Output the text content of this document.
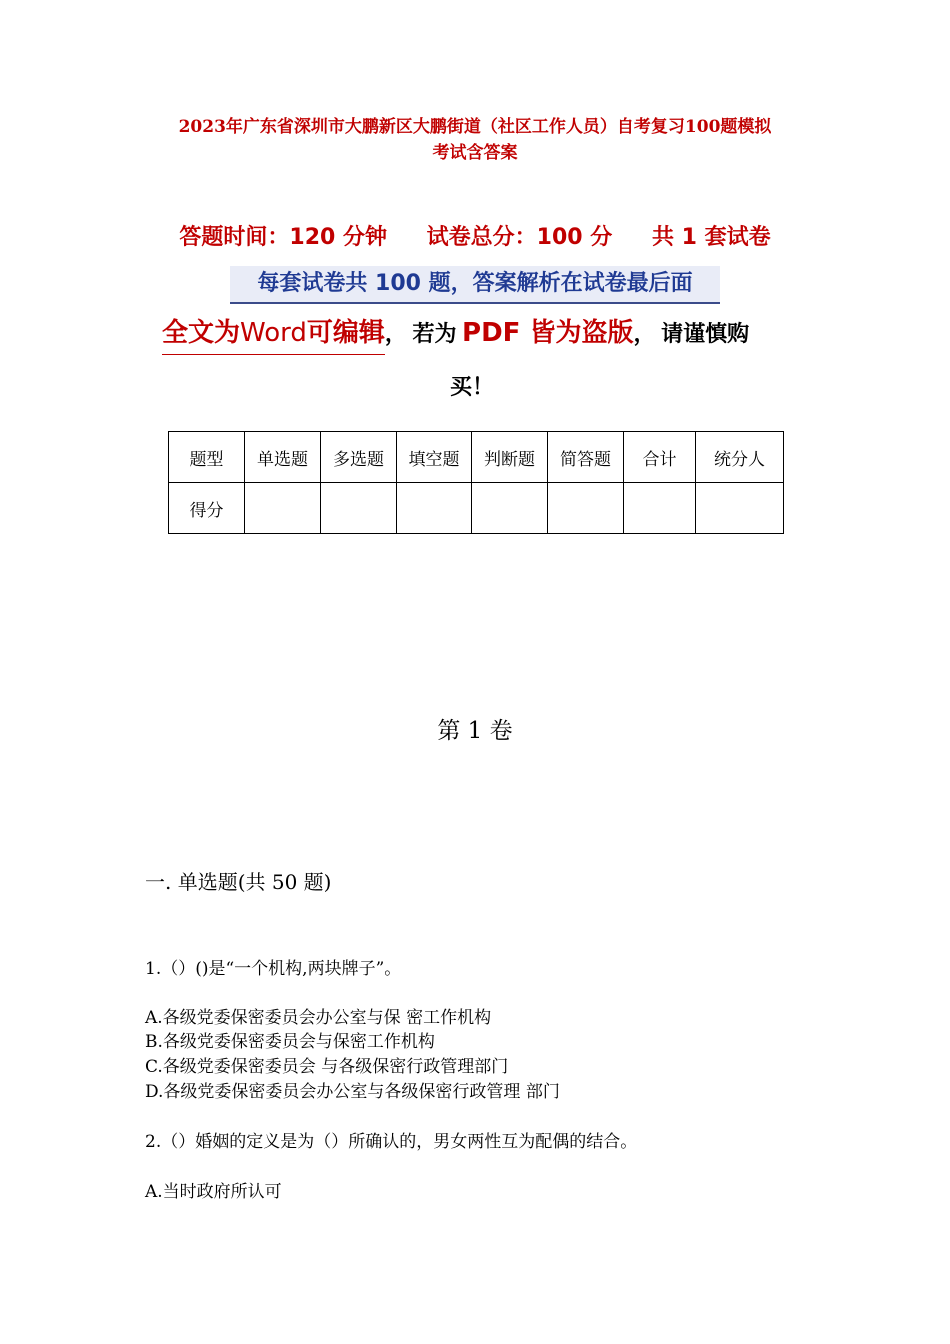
2023年广东省深圳市大鹏新区大鹏街道（社区工作人员）自考复习100题模拟
考试含答案
答题时间：120 分钟 试卷总分：100 分 共 1 套试卷
每套试卷共 100 题，答案解析在试卷最后面
全文为Word可编辑， 若为 PDF 皆为盗版， 请谨慎购
买！
题型	单选题	多选题	填空题	判断题	简答题	合计	统分人
得分							
第 1 卷
一. 单选题(共 50 题)
1.（）()是“一个机构,两块牌子”。
A.各级党委保密委员会办公室与保 密工作机构
B.各级党委保密委员会与保密工作机构
C.各级党委保密委员会 与各级保密行政管理部门
D.各级党委保密委员会办公室与各级保密行政管理 部门
2.（）婚姻的定义是为（）所确认的，男女两性互为配偶的结合。
A.当时政府所认可
